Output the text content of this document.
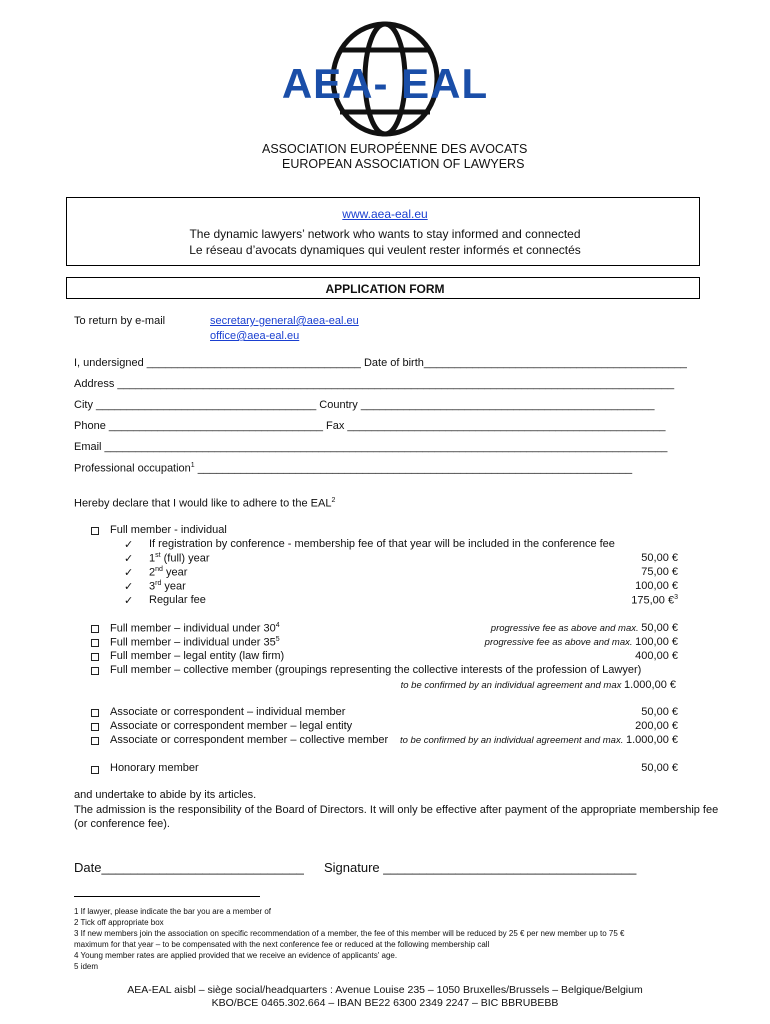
AEA- EAL
ASSOCIATION EUROPÉENNE DES AVOCATS
EUROPEAN ASSOCIATION OF LAWYERS
www.aea-eal.eu
The dynamic lawyers’ network who wants to stay informed and connected
Le réseau d’avocats dynamiques qui veulent rester informés et connectés
APPLICATION FORM
To return by e-mail	secretary-general@aea-eal.eu
office@aea-eal.eu
I, undersigned ___________________________________ Date of birth___________________________________________
Address ___________________________________________________________________________________________
City ____________________________________ Country ________________________________________________
Phone ___________________________________ Fax ____________________________________________________
Email ____________________________________________________________________________________________
Professional occupation$^1$ _______________________________________________________________________
Hereby declare that I would like to adhere to the EAL$^2$
Full member - individual
✓ If registration by conference - membership fee of that year will be included in the conference fee
✓ 1st (full) year	50,00 €
✓ 2nd year	75,00 €
✓ 3rd year	100,00 €
✓ Regular fee	175,00 €$^3$
Full member – individual under $30^4$	progressive fee as above and max. 50,00 €
Full member – individual under $35^5$	progressive fee as above and max. 100,00 €
Full member – legal entity (law firm)	400,00 €
Full member – collective member (groupings representing the collective interests of the profession of Lawyer)
to be confirmed by an individual agreement and max 1.000,00 €
Associate or correspondent – individual member	50,00 €
Associate or correspondent member – legal entity	200,00 €
Associate or correspondent member – collective member	to be confirmed by an individual agreement and max. 1.000,00 €
Honorary member	50,00 €
and undertake to abide by its articles.
The admission is the responsibility of the Board of Directors. It will only be effective after payment of the appropriate membership fee
(or conference fee).
Date____________________________ Signature ___________________________________
1 If lawyer, please indicate the bar you are a member of
2 Tick off appropriate box
3 If new members join the association on specific recommendation of a member, the fee of this member will be reduced by 25 € per new member up to 75 €
maximum for that year – to be compensated with the next conference fee or reduced at the following membership call
4 Young member rates are applied provided that we receive an evidence of applicants' age.
5 idem
AEA-EAL aisbl – siège social/headquarters : Avenue Louise 235 – 1050 Bruxelles/Brussels – Belgique/Belgium
KBO/BCE 0465.302.664 – IBAN BE22 6300 2349 2247 – BIC BBRUBEBB
